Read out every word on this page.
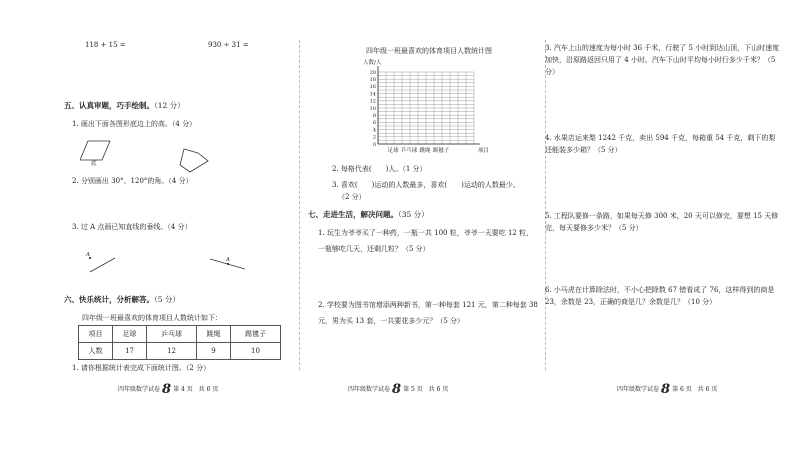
118 + 15 =	930 ÷ 31 =
五、认真审题，巧手绘制。（12 分）
1. 画出下面各图形底边上的高。（4 分）
底
2. 分别画出 30°、120°的角。（4 分）
3. 过 A 点画已知直线的垂线。（4 分）
A
A
六、快乐统计，分析解答。（5 分）
四年级一班最喜欢的体育项目人数统计如下：
项目	足球	乒乓球	跳绳	踢毽子
人数	17	12	9	10
1. 请你根据统计表完成下面统计图。（2 分）
四年级数学试卷 8 第 4 页　共 6 页
四年级一班最喜欢的体育项目人数统计图
人数/人
0
2
4
6
8
10
12
14
16
18
20
足球 乒乓球 跳绳 踢毽子	项目
2. 每格代表(　　)人。（1 分）
3. 喜欢(　　)运动的人数最多，喜欢(　　)运动的人数最少。
（2 分）
七、走进生活，解决问题。（35 分）
1. 玩生为爷爷买了一种药，一瓶一共 100 粒，爷爷一天要吃 12 粒，一瓶够吃几天，还剩几粒？（5 分）
2. 学校要为图书馆增添两种新书，第一种每套 121 元，第二种每套 38 元，男为买 13 套，一共要花多少元？（5 分）
四年级数学试卷 8 第 5 页　共 6 页
3. 汽车上山的速度为每小时 36 千米，行驶了 5 小时到达山顶，下山时速度加快，沿原路返回只用了 4 小时。汽车下山时平均每小时行多少千米？（5 分）
4. 水果店运来梨 1242 千克，卖出 594 千克，每箱重 54 千克，剩下的梨还能装多少箱？（5 分）
5. 工程队要修一条路，如果每天修 300 米，20 天可以修完，要想 15 天修完，每天要修多少米？（5 分）
6. 小马虎在计算除法时，不小心把除数 67 错看成了 76，这样得到的商是 23，余数是 23，正确的商是几？余数是几？（10 分）
四年级数学试卷 8 第 6 页　共 6 页
